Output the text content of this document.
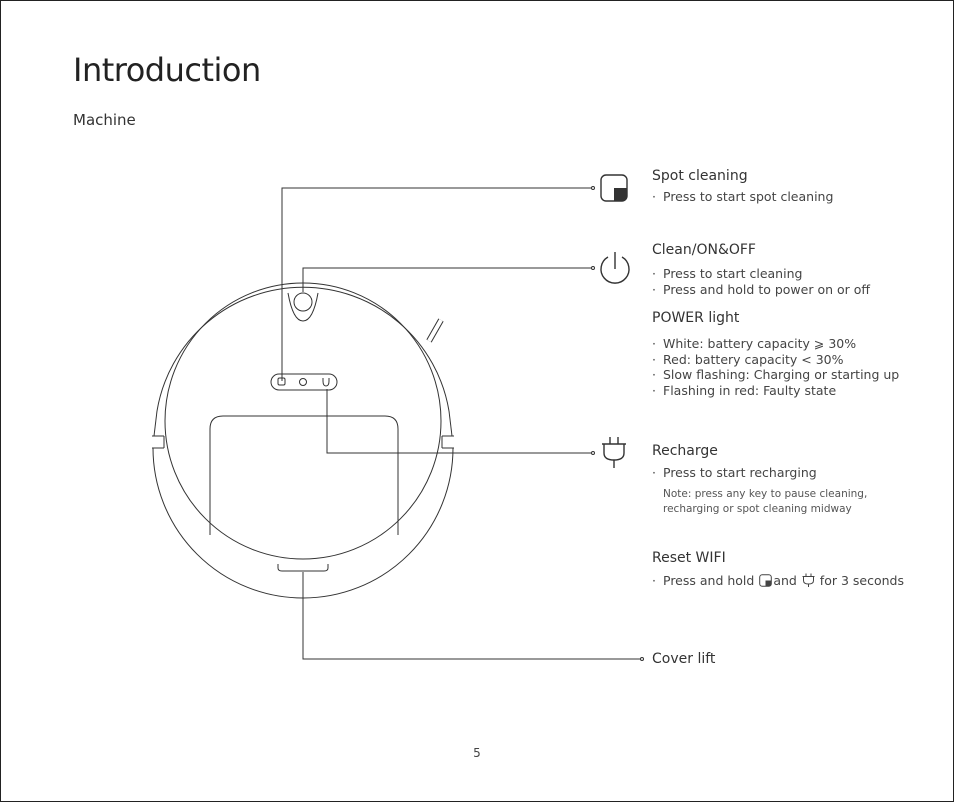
Introduction
Machine
Spot cleaning
· Press to start spot cleaning
Clean/ON&OFF
· Press to start cleaning
· Press and hold to power on or off
POWER light
· White: battery capacity ⩾ 30%
· Red: battery capacity < 30%
· Slow flashing: Charging or starting up
· Flashing in red: Faulty state
Recharge
· Press to start recharging
Note: press any key to pause cleaning,
recharging or spot cleaning midway
Reset WIFI
· Press and hold and  for 3 seconds
Cover lift
5
